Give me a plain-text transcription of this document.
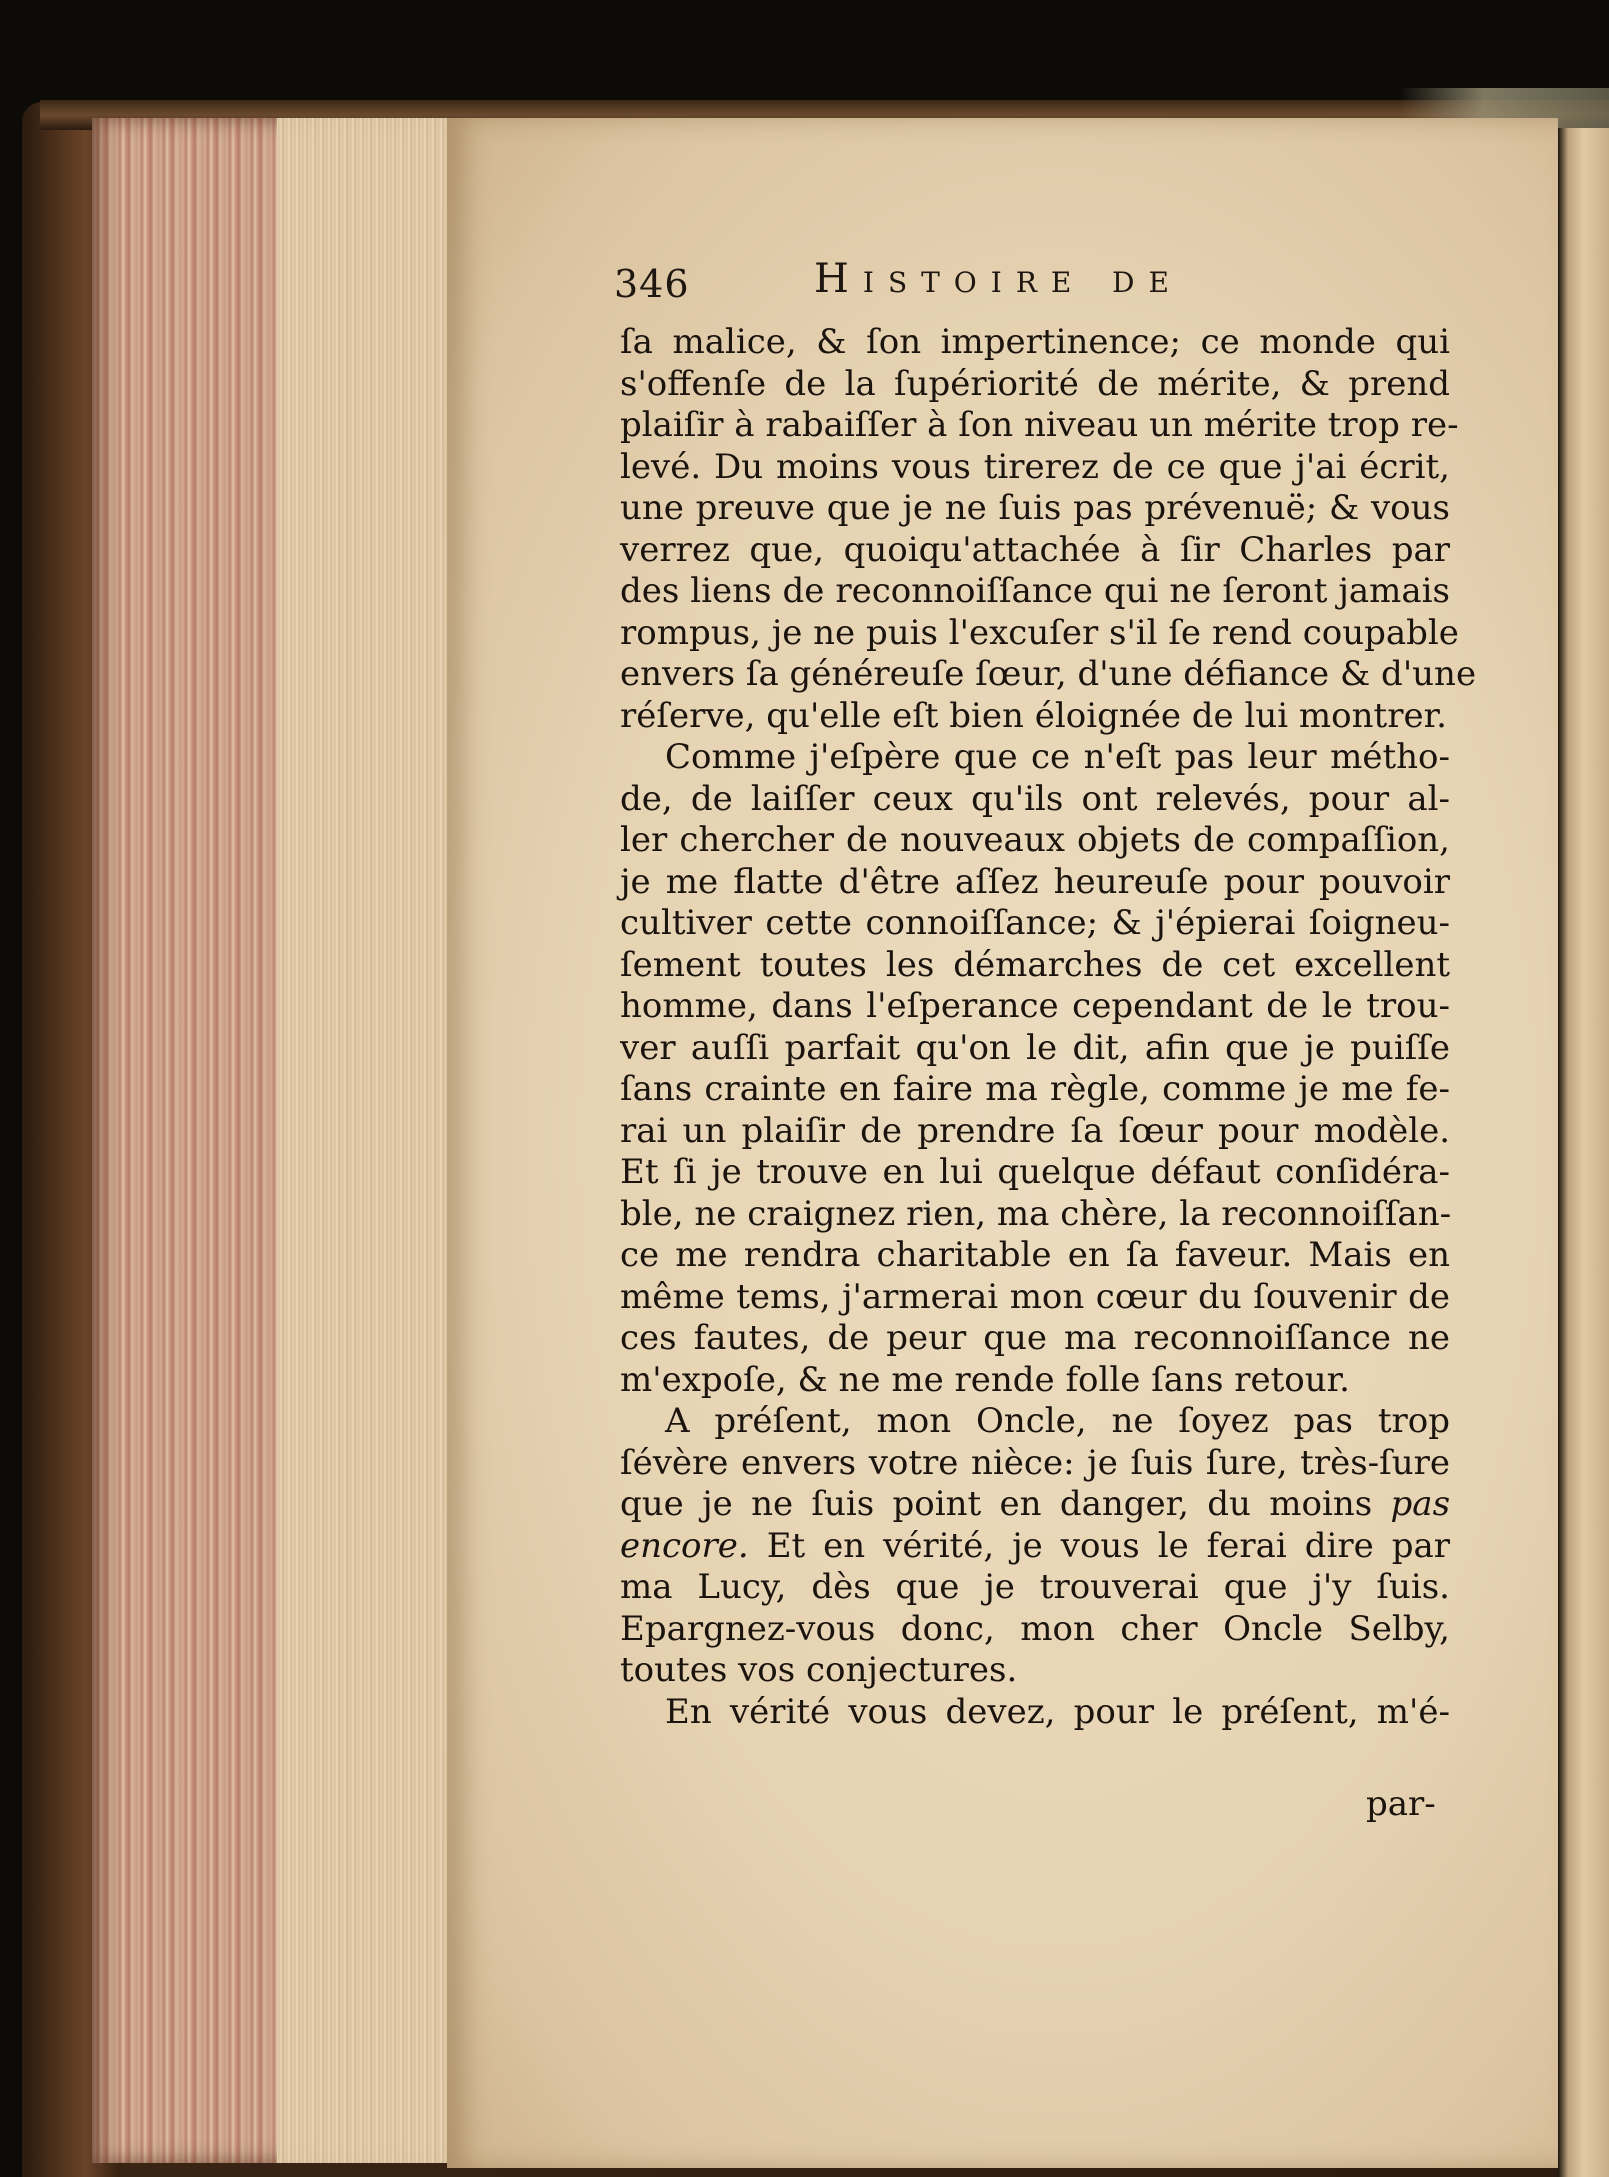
346	Histoire de
ſa malice, & ſon impertinence; ce monde qui
s'offenſe de la ſupériorité de mérite, & prend
plaiſir à rabaiſſer à ſon niveau un mérite trop re-
levé. Du moins vous tirerez de ce que j'ai écrit,
une preuve que je ne ſuis pas prévenuë; & vous
verrez que, quoiqu'attachée à ſir Charles par
des liens de reconnoiſſance qui ne ſeront jamais
rompus, je ne puis l'excuſer s'il ſe rend coupable
envers ſa généreuſe ſœur, d'une défiance & d'une
réſerve, qu'elle eſt bien éloignée de lui montrer.
Comme j'eſpère que ce n'eſt pas leur métho-
de, de laiſſer ceux qu'ils ont relevés, pour al-
ler chercher de nouveaux objets de compaſſion,
je me flatte d'être aſſez heureuſe pour pouvoir
cultiver cette connoiſſance; & j'épierai ſoigneu-
ſement toutes les démarches de cet excellent
homme, dans l'eſperance cependant de le trou-
ver auſſi parfait qu'on le dit, afin que je puiſſe
ſans crainte en faire ma règle, comme je me fe-
rai un plaiſir de prendre ſa ſœur pour modèle.
Et ſi je trouve en lui quelque défaut conſidéra-
ble, ne craignez rien, ma chère, la reconnoiſſan-
ce me rendra charitable en ſa faveur. Mais en
même tems, j'armerai mon cœur du ſouvenir de
ces fautes, de peur que ma reconnoiſſance ne
m'expoſe, & ne me rende folle ſans retour.
A préſent, mon Oncle, ne ſoyez pas trop
ſévère envers votre nièce: je ſuis ſure, très-ſure
que je ne ſuis point en danger, du moins pas
encore. Et en vérité, je vous le ferai dire par
ma Lucy, dès que je trouverai que j'y ſuis.
Epargnez-vous donc, mon cher Oncle Selby,
toutes vos conjectures.
En vérité vous devez, pour le préſent, m'é-
par-
